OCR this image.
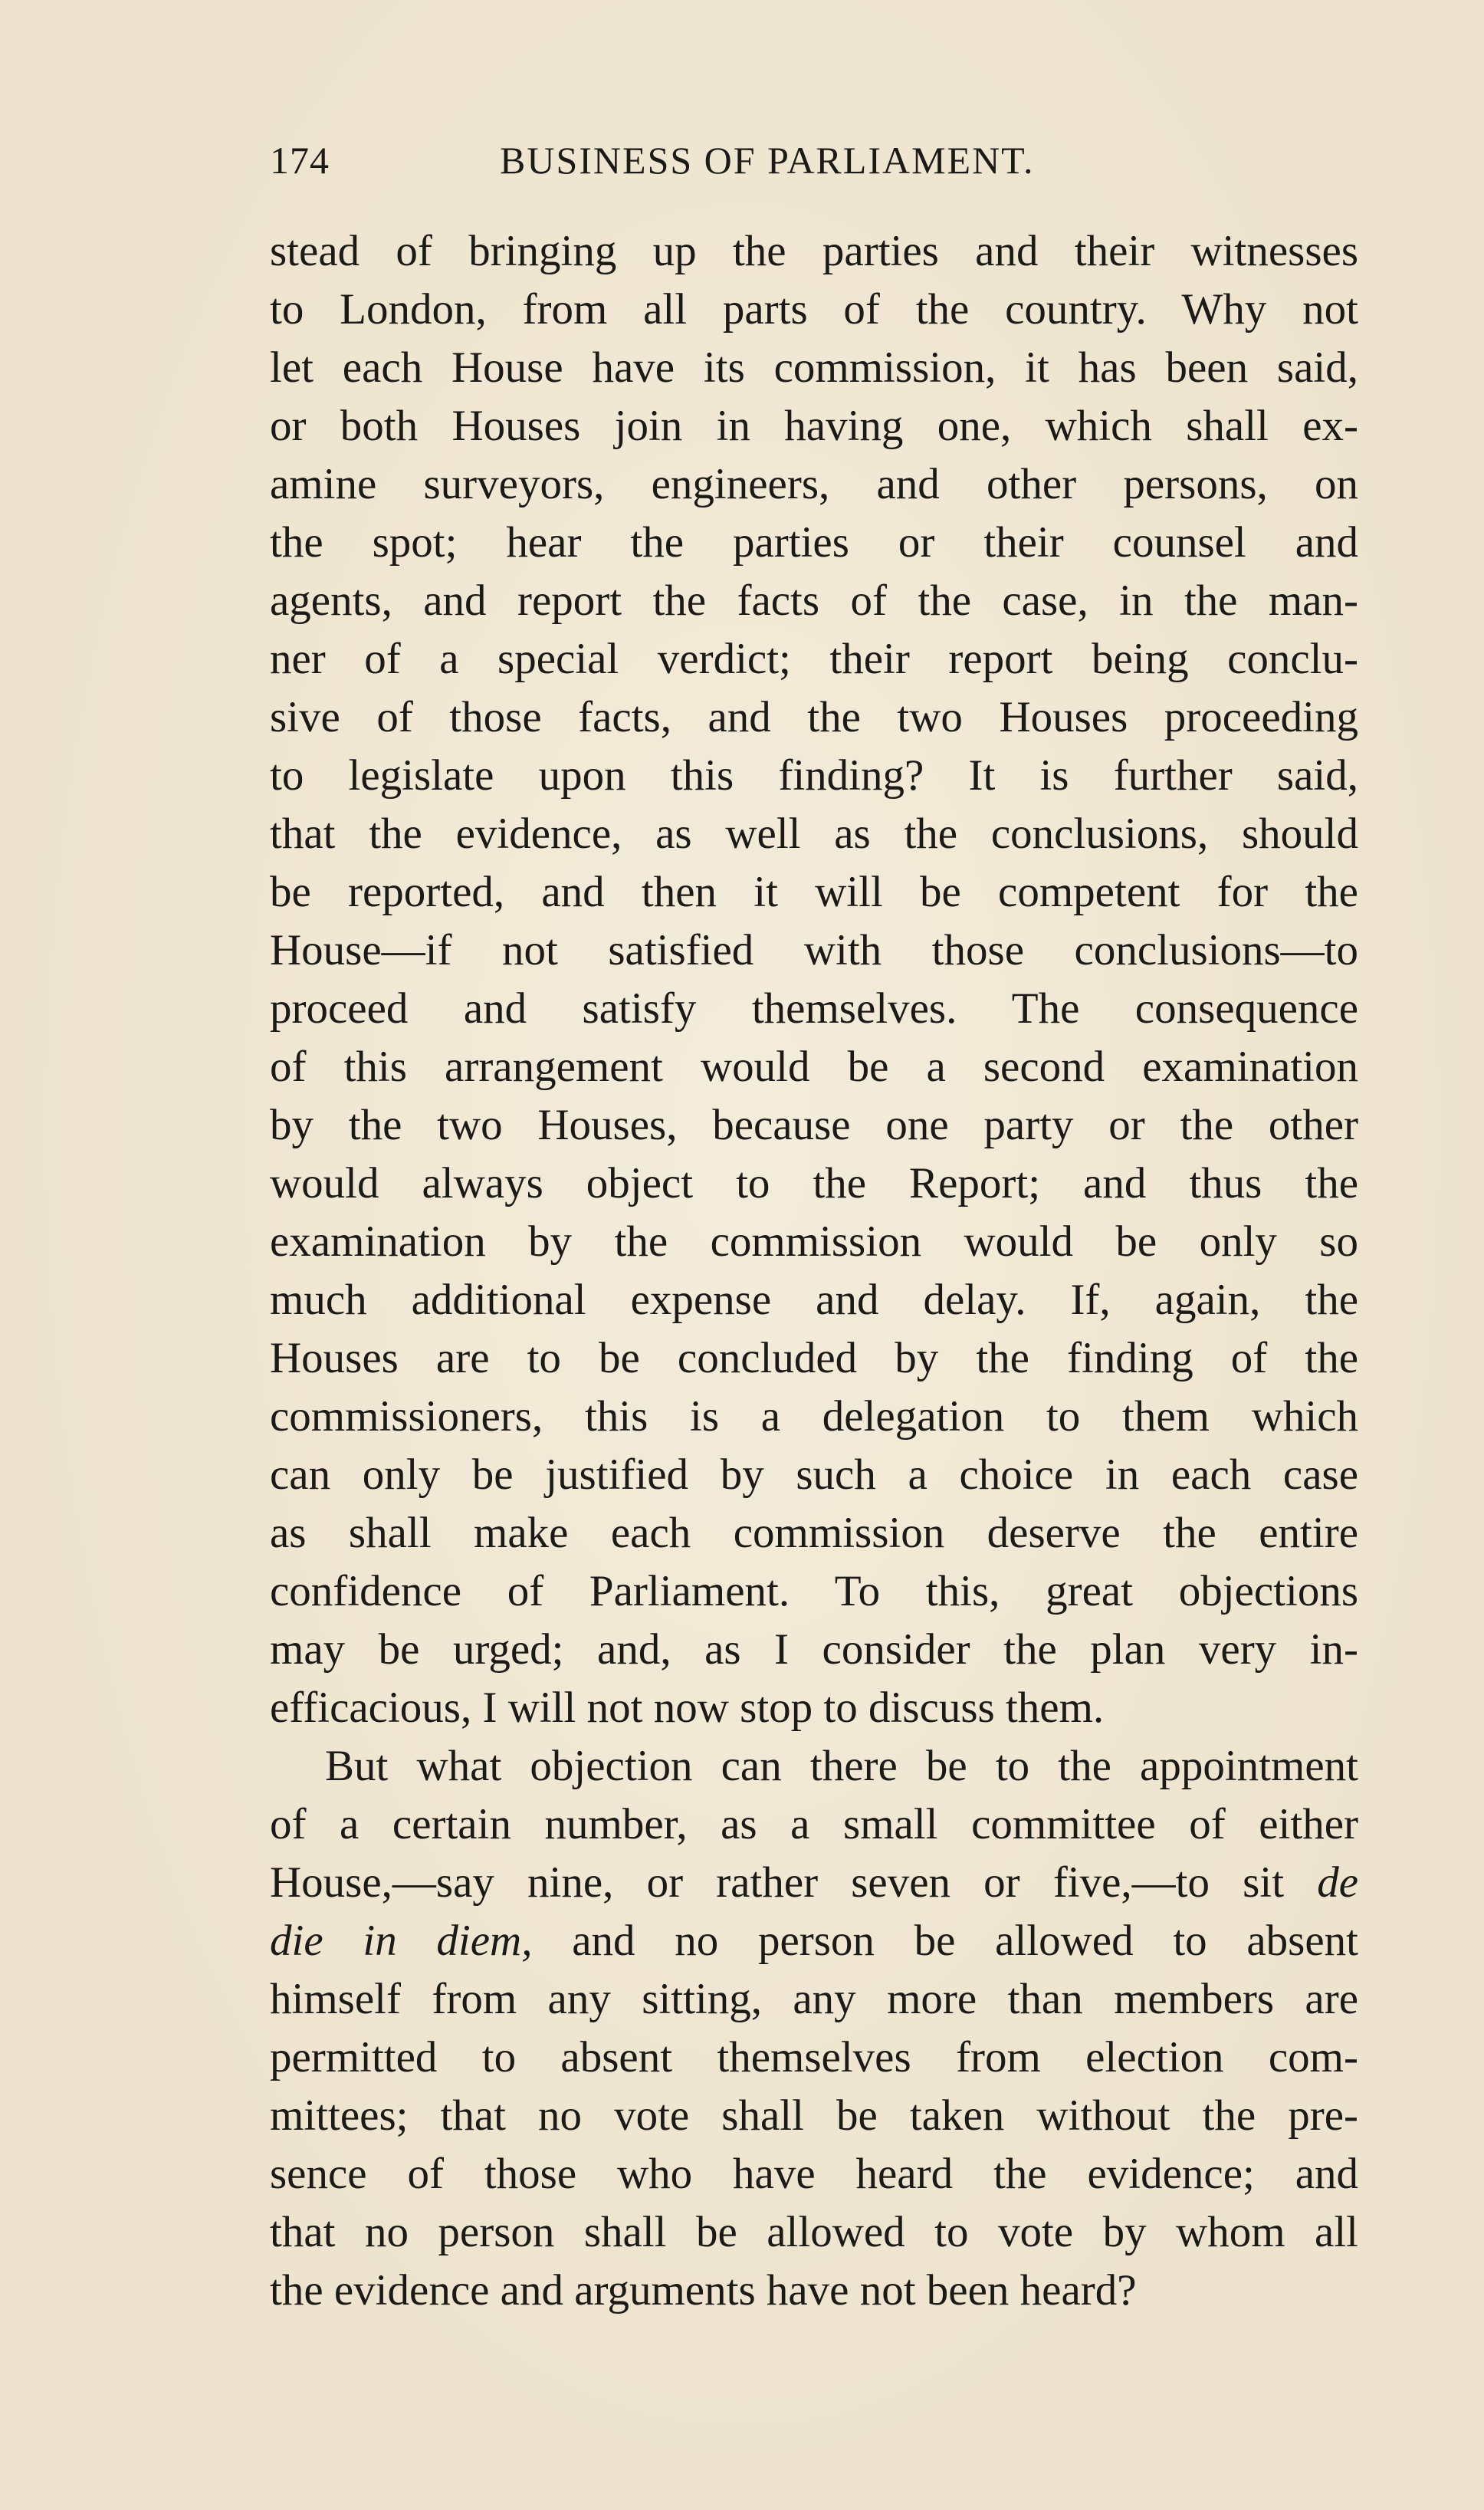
174	BUSINESS OF PARLIAMENT.

stead of bringing up the parties and their witnesses
to London, from all parts of the country. Why not
let each House have its commission, it has been said,
or both Houses join in having one, which shall ex-
amine surveyors, engineers, and other persons, on
the spot; hear the parties or their counsel and
agents, and report the facts of the case, in the man-
ner of a special verdict; their report being conclu-
sive of those facts, and the two Houses proceeding
to legislate upon this finding? It is further said,
that the evidence, as well as the conclusions, should
be reported, and then it will be competent for the
House—if not satisfied with those conclusions—to
proceed and satisfy themselves. The consequence
of this arrangement would be a second examination
by the two Houses, because one party or the other
would always object to the Report; and thus the
examination by the commission would be only so
much additional expense and delay. If, again, the
Houses are to be concluded by the finding of the
commissioners, this is a delegation to them which
can only be justified by such a choice in each case
as shall make each commission deserve the entire
confidence of Parliament. To this, great objections
may be urged; and, as I consider the plan very in-
efficacious, I will not now stop to discuss them.

But what objection can there be to the appointment
of a certain number, as a small committee of either
House,—say nine, or rather seven or five,—to sit de
die in diem, and no person be allowed to absent
himself from any sitting, any more than members are
permitted to absent themselves from election com-
mittees; that no vote shall be taken without the pre-
sence of those who have heard the evidence; and
that no person shall be allowed to vote by whom all
the evidence and arguments have not been heard?
